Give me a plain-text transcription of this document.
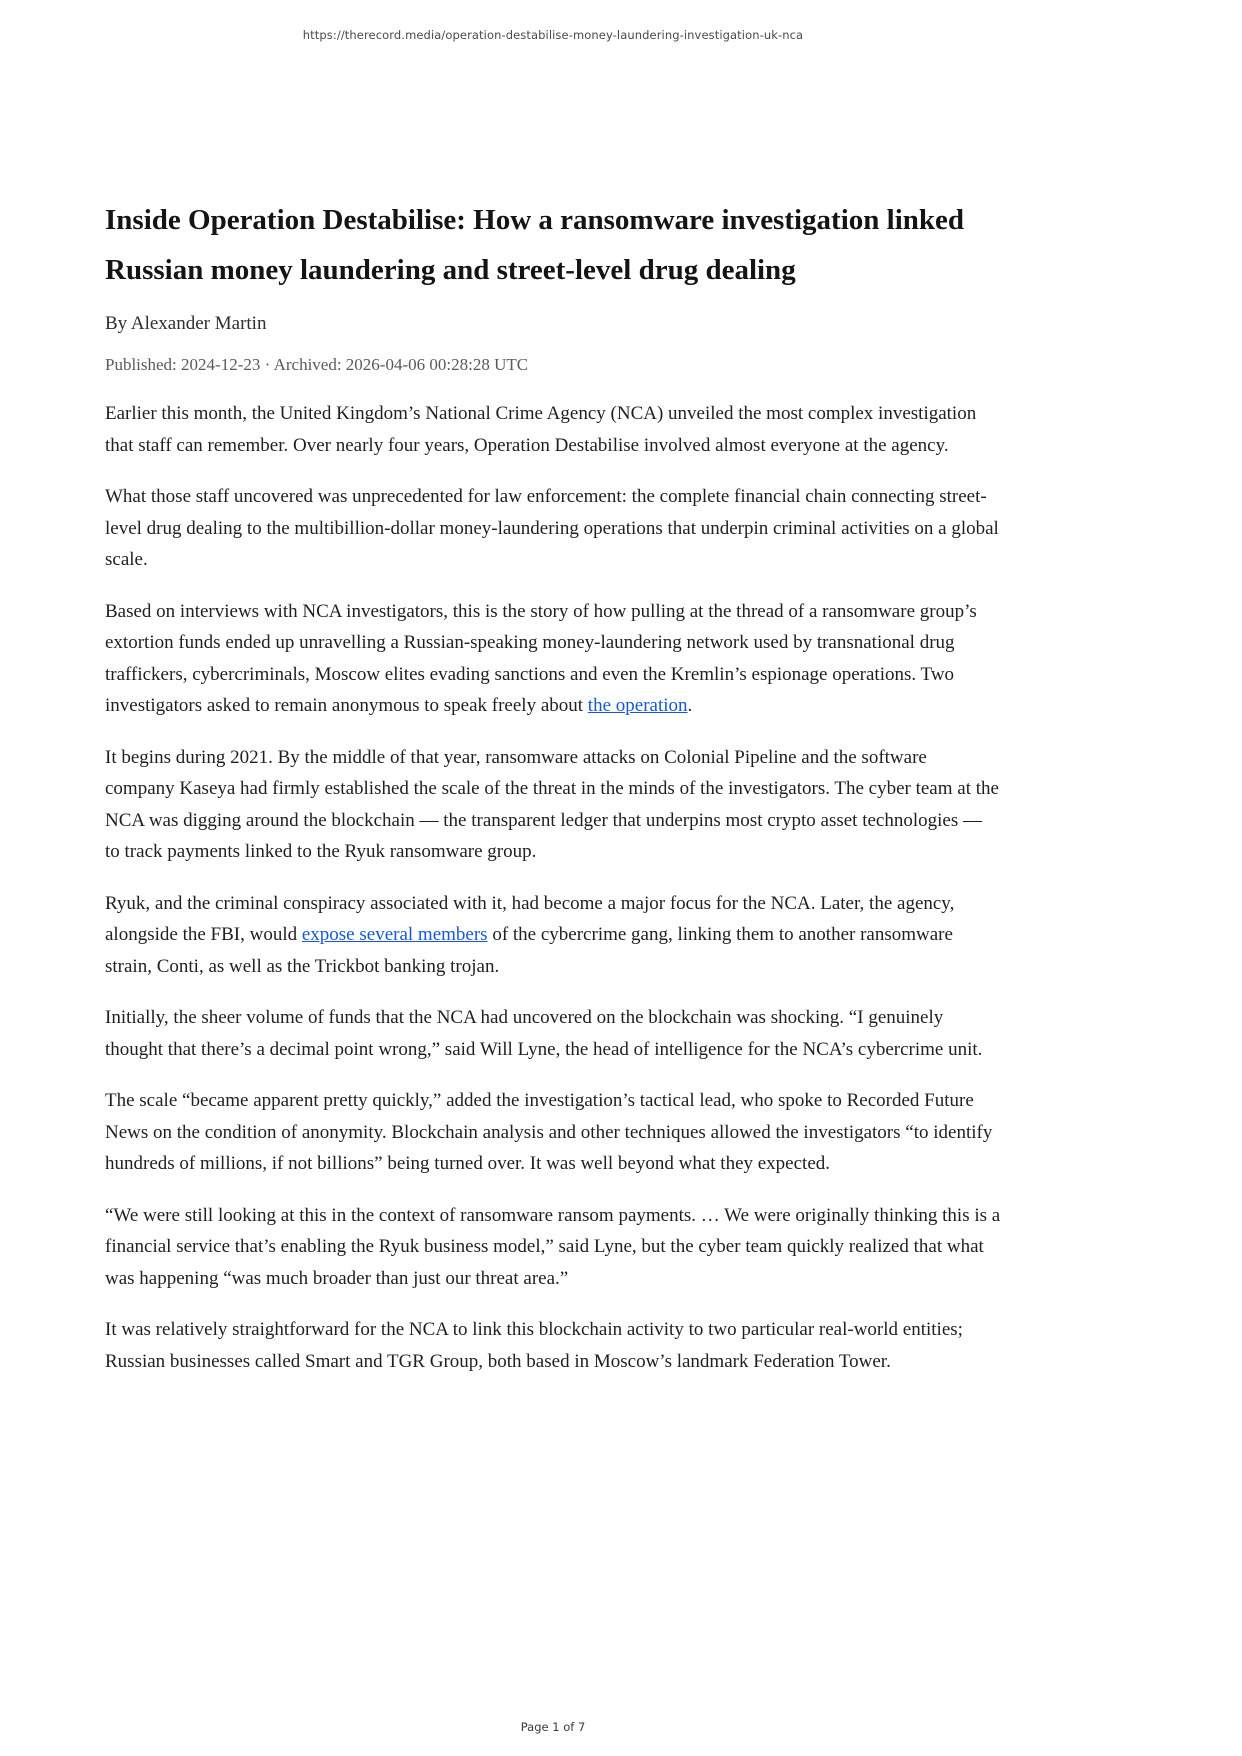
https://therecord.media/operation-destabilise-money-laundering-investigation-uk-nca
Inside Operation Destabilise: How a ransomware investigation linked Russian money laundering and street-level drug dealing
By Alexander Martin
Published: 2024-12-23 · Archived: 2026-04-06 00:28:28 UTC

Earlier this month, the United Kingdom’s National Crime Agency (NCA) unveiled the most complex investigation that staff can remember. Over nearly four years, Operation Destabilise involved almost everyone at the agency.

What those staff uncovered was unprecedented for law enforcement: the complete financial chain connecting street-level drug dealing to the multibillion-dollar money-laundering operations that underpin criminal activities on a global scale.

Based on interviews with NCA investigators, this is the story of how pulling at the thread of a ransomware group’s extortion funds ended up unravelling a Russian-speaking money-laundering network used by transnational drug traffickers, cybercriminals, Moscow elites evading sanctions and even the Kremlin’s espionage operations. Two investigators asked to remain anonymous to speak freely about the operation.

It begins during 2021. By the middle of that year, ransomware attacks on Colonial Pipeline and the software company Kaseya had firmly established the scale of the threat in the minds of the investigators. The cyber team at the NCA was digging around the blockchain — the transparent ledger that underpins most crypto asset technologies — to track payments linked to the Ryuk ransomware group.

Ryuk, and the criminal conspiracy associated with it, had become a major focus for the NCA. Later, the agency, alongside the FBI, would expose several members of the cybercrime gang, linking them to another ransomware strain, Conti, as well as the Trickbot banking trojan.

Initially, the sheer volume of funds that the NCA had uncovered on the blockchain was shocking. “I genuinely thought that there’s a decimal point wrong,” said Will Lyne, the head of intelligence for the NCA’s cybercrime unit.

The scale “became apparent pretty quickly,” added the investigation’s tactical lead, who spoke to Recorded Future News on the condition of anonymity. Blockchain analysis and other techniques allowed the investigators “to identify hundreds of millions, if not billions” being turned over. It was well beyond what they expected.

“We were still looking at this in the context of ransomware ransom payments. … We were originally thinking this is a financial service that’s enabling the Ryuk business model,” said Lyne, but the cyber team quickly realized that what was happening “was much broader than just our threat area.”

It was relatively straightforward for the NCA to link this blockchain activity to two particular real-world entities; Russian businesses called Smart and TGR Group, both based in Moscow’s landmark Federation Tower.

Page 1 of 7
